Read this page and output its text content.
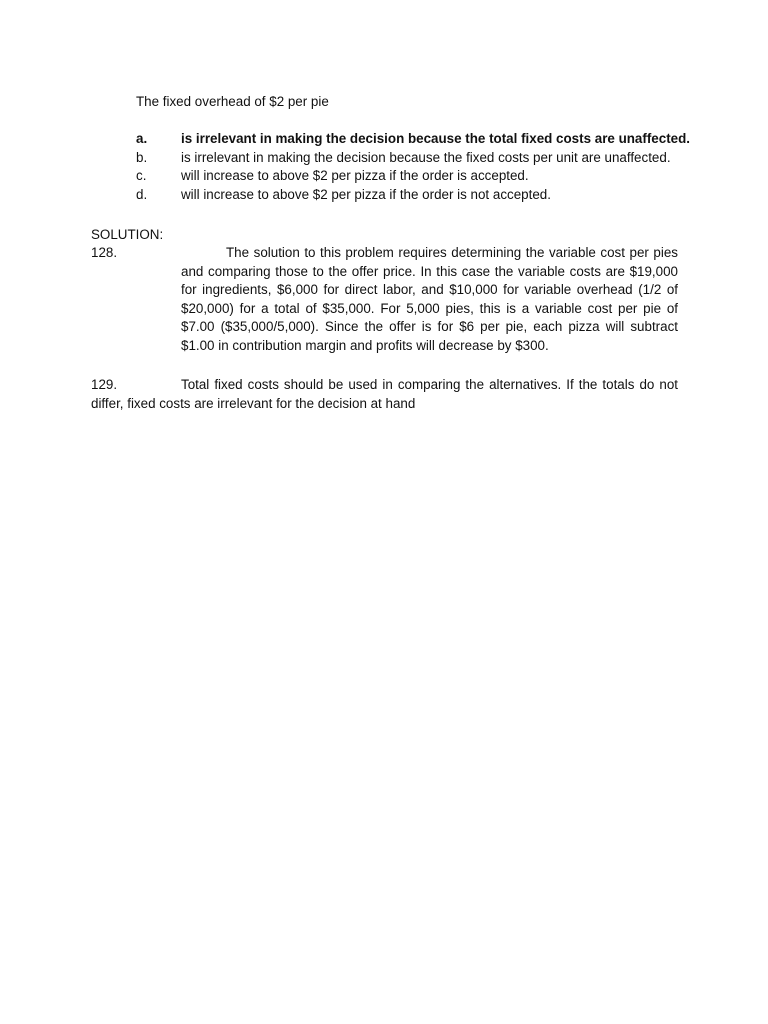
The fixed overhead of $2 per pie
a.	is irrelevant in making the decision because the total fixed costs are unaffected.
b.	is irrelevant in making the decision because the fixed costs per unit are unaffected.
c.	will increase to above $2 per pizza if the order is accepted.
d.	will increase to above $2 per pizza if the order is not accepted.
SOLUTION:
128.	The solution to this problem requires determining the variable cost per pies and comparing those to the offer price. In this case the variable costs are $19,000 for ingredients, $6,000 for direct labor, and $10,000 for variable overhead (1/2 of $20,000) for a total of $35,000. For 5,000 pies, this is a variable cost per pie of $7.00 ($35,000/5,000). Since the offer is for $6 per pie, each pizza will subtract $1.00 in contribution margin and profits will decrease by $300.
129.	Total fixed costs should be used in comparing the alternatives. If the totals do not differ, fixed costs are irrelevant for the decision at hand
